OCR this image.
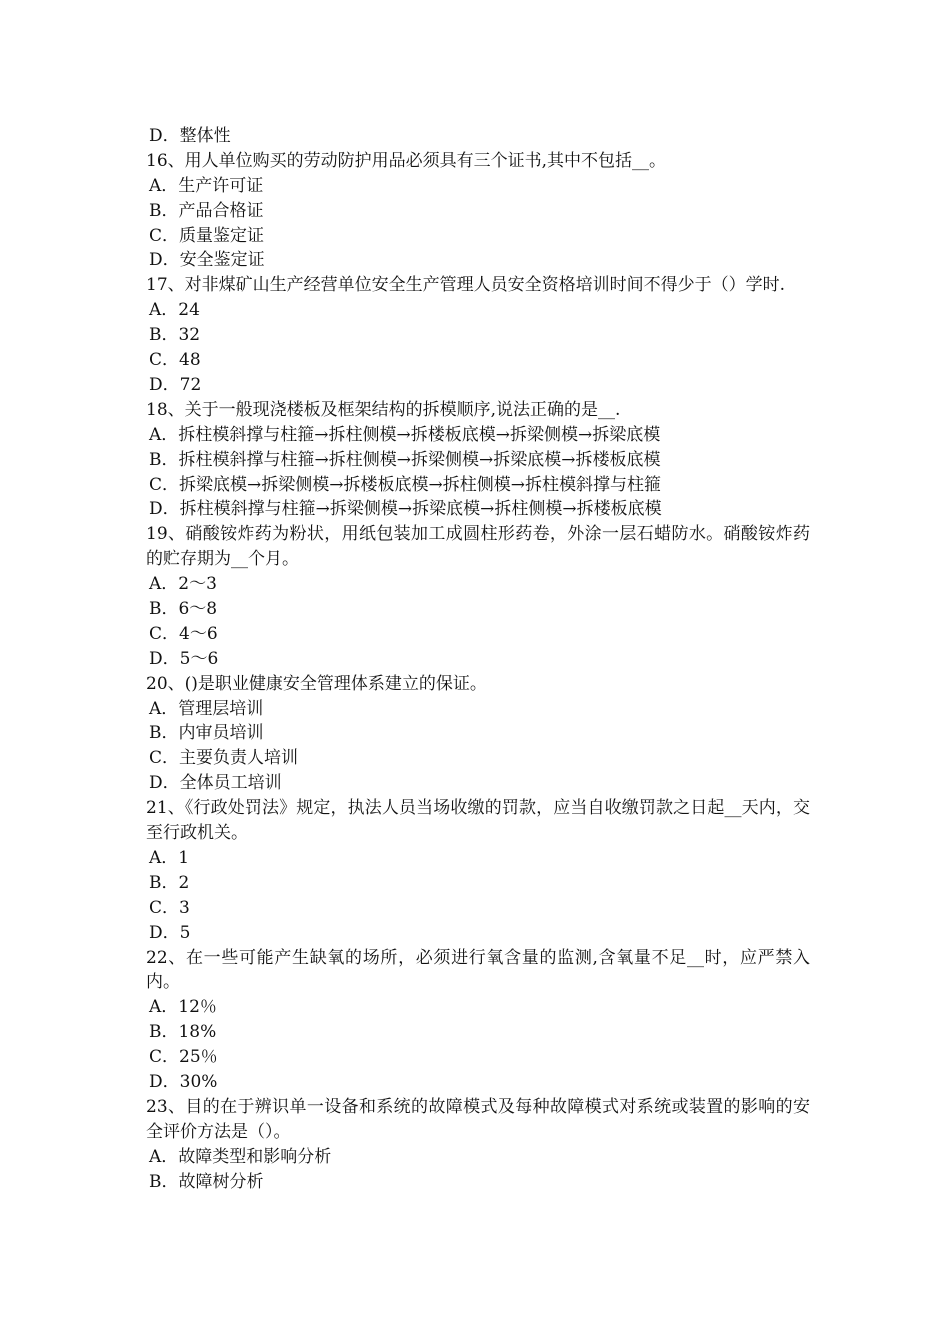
D．整体性
16、用人单位购买的劳动防护用品必须具有三个证书,其中不包括__。
A．生产许可证
B．产品合格证
C．质量鉴定证
D．安全鉴定证
17、对非煤矿山生产经营单位安全生产管理人员安全资格培训时间不得少于（）学时.
A．24
B．32
C．48
D．72
18、关于一般现浇楼板及框架结构的拆模顺序,说法正确的是__.
A．拆柱模斜撑与柱箍→拆柱侧模→拆楼板底模→拆梁侧模→拆梁底模
B．拆柱模斜撑与柱箍→拆柱侧模→拆梁侧模→拆梁底模→拆楼板底模
C．拆梁底模→拆梁侧模→拆楼板底模→拆柱侧模→拆柱模斜撑与柱箍
D．拆柱模斜撑与柱箍→拆梁侧模→拆梁底模→拆柱侧模→拆楼板底模
19、硝酸铵炸药为粉状，用纸包装加工成圆柱形药卷，外涂一层石蜡防水。硝酸铵炸药的贮存期为__个月。
A．2～3
B．6～8
C．4～6
D．5～6
20、()是职业健康安全管理体系建立的保证。
A．管理层培训
B．内审员培训
C．主要负责人培训
D．全体员工培训
21、《行政处罚法》规定，执法人员当场收缴的罚款，应当自收缴罚款之日起__天内，交至行政机关。
A．1
B．2
C．3
D．5
22、在一些可能产生缺氧的场所，必须进行氧含量的监测,含氧量不足__时，应严禁入内。
A．12％
B．18%
C．25％
D．30%
23、目的在于辨识单一设备和系统的故障模式及每种故障模式对系统或装置的影响的安全评价方法是（）。
A．故障类型和影响分析
B．故障树分析
